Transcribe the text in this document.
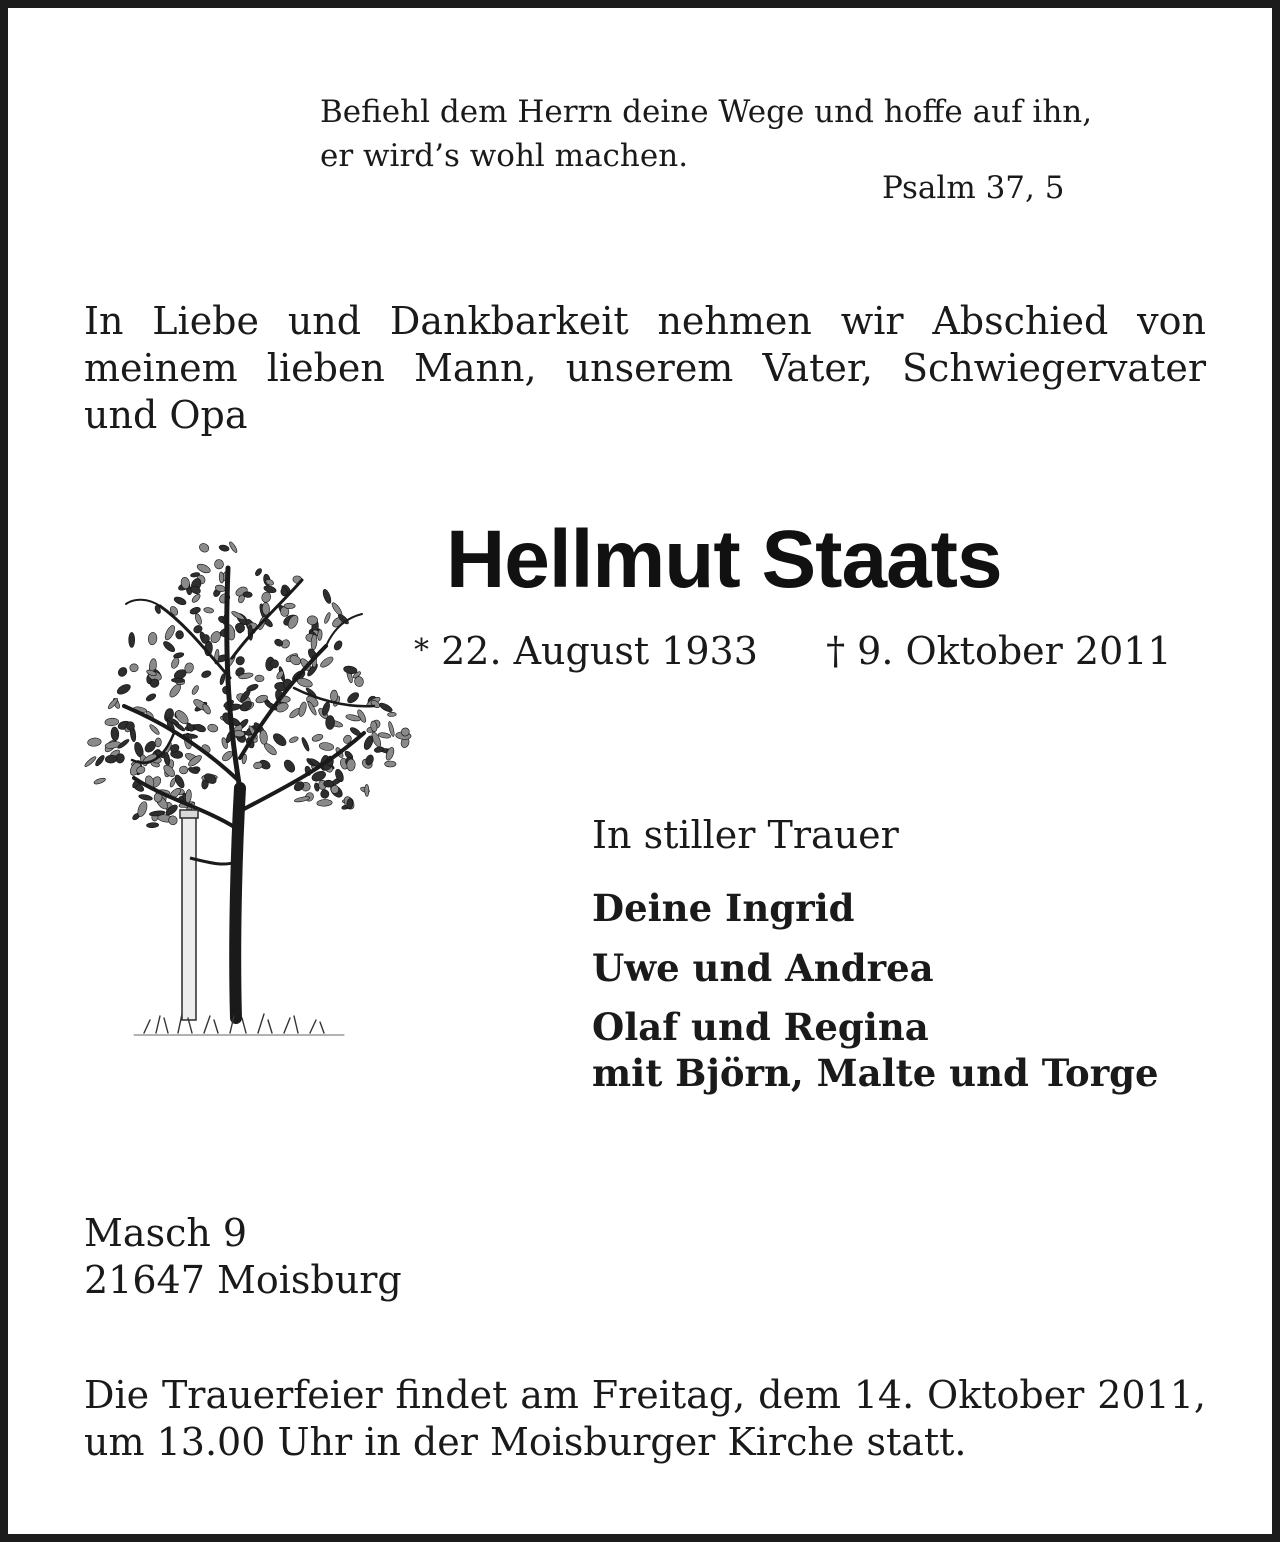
Befiehl dem Herrn deine Wege und hoffe auf ihn,
er wird’s wohl machen.
Psalm 37, 5
In Liebe und Dankbarkeit nehmen wir Abschied von meinem lieben Mann, unserem Vater, Schwiegervater und Opa
Hellmut Staats
* 22. August 1933 † 9. Oktober 2011
In stiller Trauer
Deine Ingrid
Uwe und Andrea
Olaf und Regina
mit Björn, Malte und Torge
Masch 9
21647 Moisburg
Die Trauerfeier findet am Freitag, dem 14. Oktober 2011, um 13.00 Uhr in der Moisburger Kirche statt.
